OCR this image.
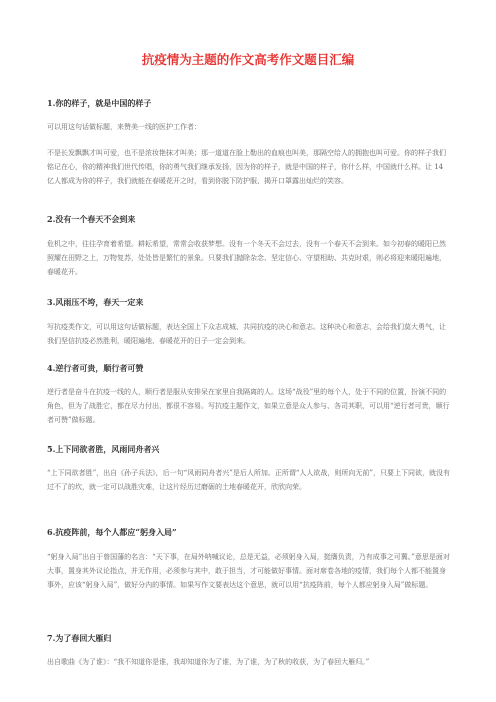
抗疫情为主题的作文高考作文题目汇编
1.你的样子，就是中国的样子
可以用这句话做标题，来赞美一线的医护工作者：
不是长发飘飘才叫可爱，也不是浓妆艳抹才叫美；那一道道在脸上勒出的血痕也叫美，那隔空给人的拥抱也叫可爱。你的样子我们铭记在心，你的精神我们世代传唱，你的勇气我们继承发扬，因为你的样子，就是中国的样子，你什么样，中国就什么样。让 14 亿人都成为你的样子，我们就能在春暖花开之时，看到你脱下防护服、揭开口罩露出灿烂的笑容。
2.没有一个春天不会到来
危机之中，往往孕育着希望。耕耘希望，常常会收获梦想。没有一个冬天不会过去，没有一个春天不会到来。如今初春的暖阳已然照耀在田野之上，万物复苏，处处皆是繁忙的景象。只要我们抛除杂念、坚定信心、守望相助、共克时艰，则必将迎来暖阳遍地，春暖花开。
3.风雨压不垮，春天一定来
写抗疫类作文，可以用这句话做标题，表达全国上下众志成城、共同抗疫的决心和意志。这种决心和意志，会给我们莫大勇气，让我们坚信抗疫必然胜利，暖阳遍地、春暖花开的日子一定会到来。
4.逆行者可贵，顺行者可赞
逆行者是奋斗在抗疫一线的人，顺行者是服从安排呆在家里自我隔离的人。这场“战役”里的每个人，处于不同的位置，扮演不同的角色，但为了战胜它，都在尽力付出，都很不容易。写抗疫主题作文，如果立意是众人参与、各司其职，可以用“逆行者可贵，顺行者可赞”做标题。
5.上下同欲者胜，风雨同舟者兴
“上下同欲者胜”，出自《孙子兵法》，后一句“风雨同舟者兴”是后人所加。正所谓“人人欲战，则所向无前”，只要上下同欲，就没有过不了的坎，就一定可以战胜灾难，让这片经历过磨砺的土地春暖花开，欣欣向荣。
6.抗疫阵前，每个人都应“躬身入局”
“躬身入局”出自于曾国藩的名言：“天下事，在局外呐喊议论，总是无益，必须躬身入局，挺膺负责，乃有成事之可冀。”意思是面对大事，置身其外议论指点，并无作用，必须参与其中，敢于担当，才可能做好事情。面对席卷各地的疫情，我们每个人都不能置身事外，应该“躬身入局”，做好分内的事情。如果写作文要表达这个意思，就可以用“抗疫阵前，每个人都应躬身入局”做标题。
7.为了春回大雁归
出自歌曲《为了谁》：“我不知道你是谁，我却知道你为了谁，为了谁，为了秋的收获，为了春回大雁归。”
